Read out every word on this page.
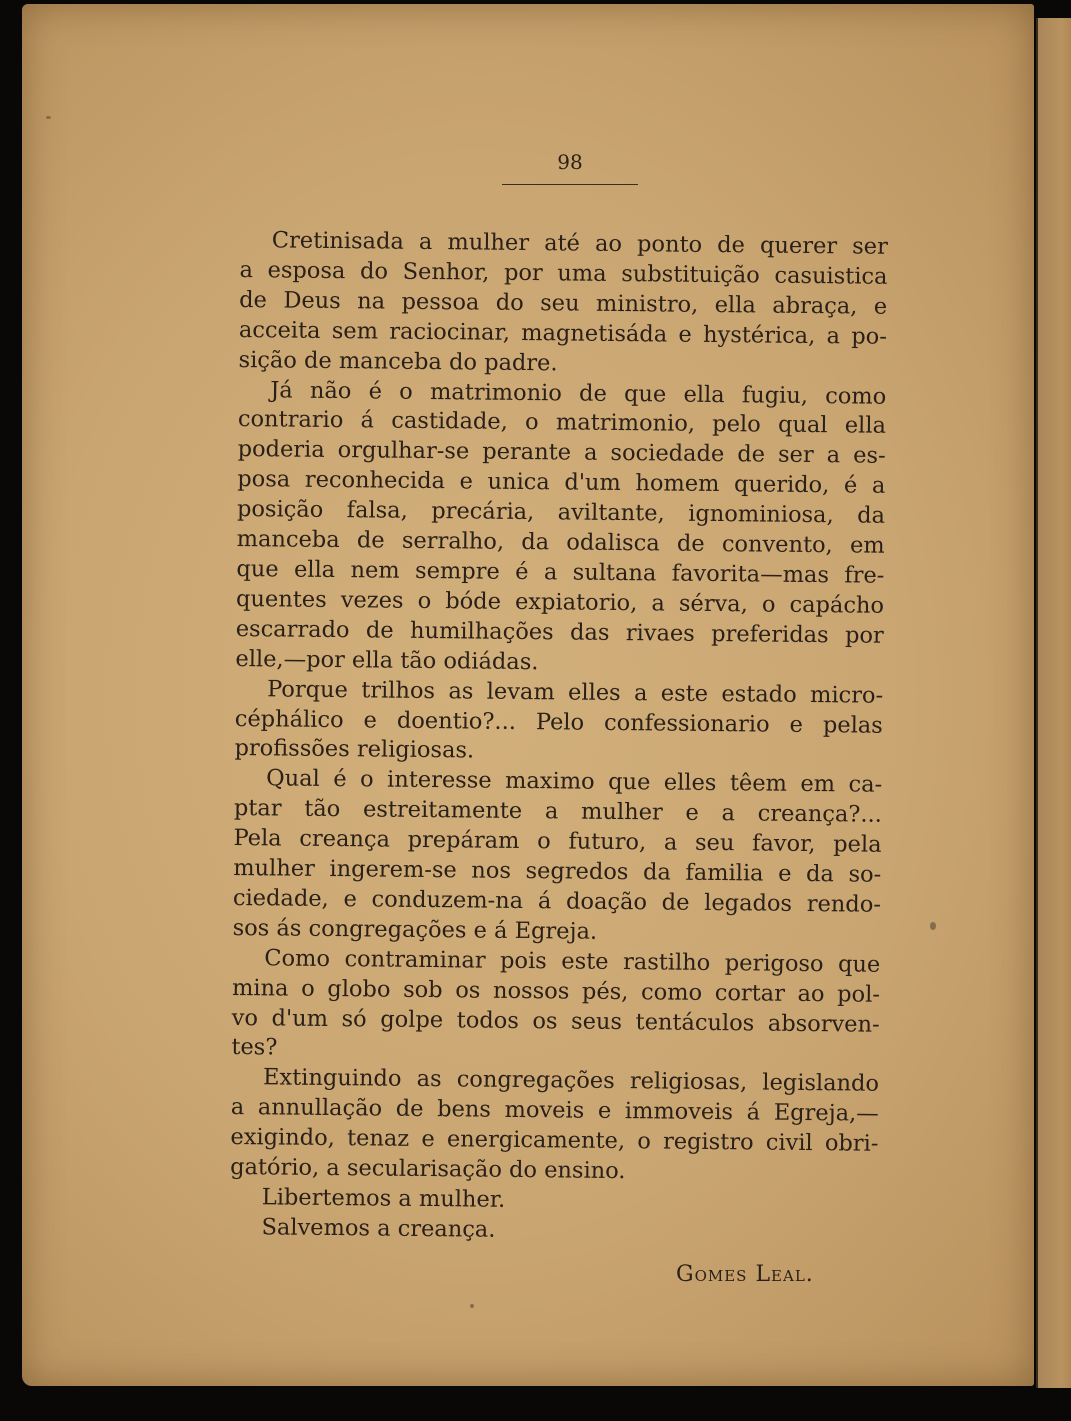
98

Cretinisada a mulher até ao ponto de querer ser
a esposa do Senhor, por uma substituição casuistica
de Deus na pessoa do seu ministro, ella abraça, e
acceita sem raciocinar, magnetisáda e hystérica, a po-
sição de manceba do padre.

Já não é o matrimonio de que ella fugiu, como
contrario á castidade, o matrimonio, pelo qual ella
poderia orgulhar-se perante a sociedade de ser a es-
posa reconhecida e unica d'um homem querido, é a
posição falsa, precária, aviltante, ignominiosa, da
manceba de serralho, da odalisca de convento, em
que ella nem sempre é a sultana favorita—mas fre-
quentes vezes o bóde expiatorio, a sérva, o capácho
escarrado de humilhações das rivaes preferidas por
elle,—por ella tão odiádas.

Porque trilhos as levam elles a este estado micro-
céphálico e doentio?... Pelo confessionario e pelas
profissões religiosas.

Qual é o interesse maximo que elles têem em ca-
ptar tão estreitamente a mulher e a creança?...
Pela creança prepáram o futuro, a seu favor, pela
mulher ingerem-se nos segredos da familia e da so-
ciedade, e conduzem-na á doação de legados rendo-
sos ás congregações e á Egreja.

Como contraminar pois este rastilho perigoso que
mina o globo sob os nossos pés, como cortar ao pol-
vo d'um só golpe todos os seus tentáculos absorven-
tes?

Extinguindo as congregações religiosas, legislando
a annullação de bens moveis e immoveis á Egreja,—
exigindo, tenaz e energicamente, o registro civil obri-
gatório, a secularisação do ensino.

Libertemos a mulher.

Salvemos a creança.

Gomes Leal.
